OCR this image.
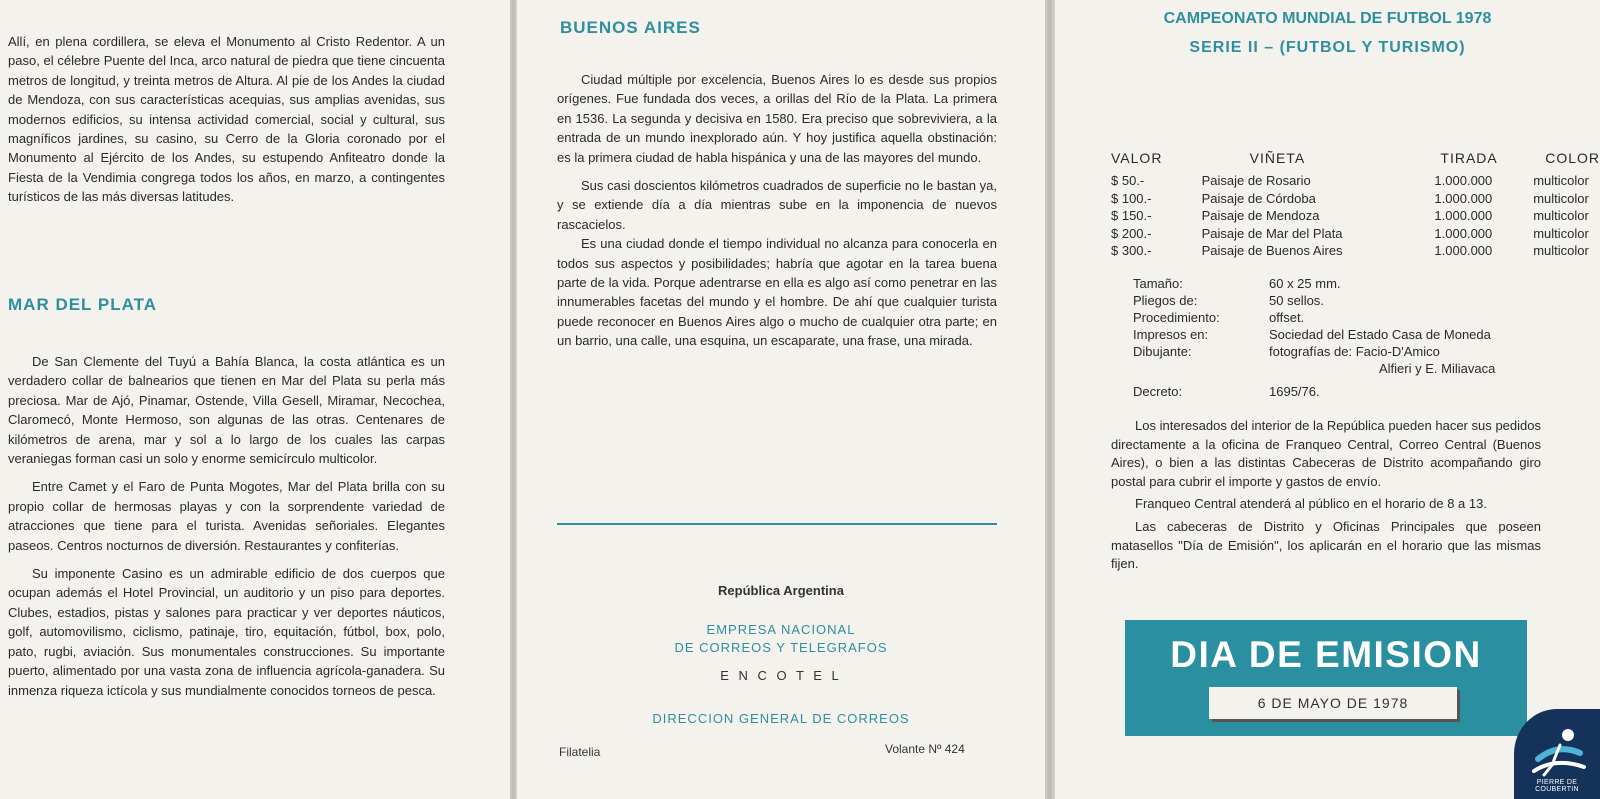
Allí, en plena cordillera, se eleva el Monumento al Cristo Redentor. A un paso, el célebre Puente del Inca, arco natural de piedra que tiene cincuenta metros de longitud, y treinta metros de Altura. Al pie de los Andes la ciudad de Mendoza, con sus características acequias, sus amplias avenidas, sus modernos edificios, su intensa actividad comercial, social y cultural, sus magníficos jardines, su casino, su Cerro de la Gloria coronado por el Monumento al Ejército de los Andes, su estupendo Anfiteatro donde la Fiesta de la Vendimia congrega todos los años, en marzo, a contingentes turísticos de las más diversas latitudes.

MAR DEL PLATA

De San Clemente del Tuyú a Bahía Blanca, la costa atlántica es un verdadero collar de balnearios que tienen en Mar del Plata su perla más preciosa. Mar de Ajó, Pinamar, Ostende, Villa Gesell, Miramar, Necochea, Claromecó, Monte Hermoso, son algunas de las otras. Centenares de kilómetros de arena, mar y sol a lo largo de los cuales las carpas veraniegas forman casi un solo y enorme semicírculo multicolor.

Entre Camet y el Faro de Punta Mogotes, Mar del Plata brilla con su propio collar de hermosas playas y con la sorprendente variedad de atracciones que tiene para el turista. Avenidas señoriales. Elegantes paseos. Centros nocturnos de diversión. Restaurantes y confiterías.

Su imponente Casino es un admirable edificio de dos cuerpos que ocupan además el Hotel Provincial, un auditorio y un piso para deportes. Clubes, estadios, pistas y salones para practicar y ver deportes náuticos, golf, automovilismo, ciclismo, patinaje, tiro, equitación, fútbol, box, polo, pato, rugbi, aviación. Sus monumentales construcciones. Su importante puerto, alimentado por una vasta zona de influencia agrícola-ganadera. Su inmenza riqueza ictícola y sus mundialmente conocidos torneos de pesca.

BUENOS AIRES

Ciudad múltiple por excelencia, Buenos Aires lo es desde sus propios orígenes. Fue fundada dos veces, a orillas del Río de la Plata. La primera en 1536. La segunda y decisiva en 1580. Era preciso que sobreviviera, a la entrada de un mundo inexplorado aún. Y hoy justifica aquella obstinación: es la primera ciudad de habla hispánica y una de las mayores del mundo.

Sus casi doscientos kilómetros cuadrados de superficie no le bastan ya, y se extiende día a día mientras sube en la imponencia de nuevos rascacielos.

Es una ciudad donde el tiempo individual no alcanza para conocerla en todos sus aspectos y posibilidades; habría que agotar en la tarea buena parte de la vida. Porque adentrarse en ella es algo así como penetrar en las innumerables facetas del mundo y el hombre. De ahí que cualquier turista puede reconocer en Buenos Aires algo o mucho de cualquier otra parte; en un barrio, una calle, una esquina, un escaparate, una frase, una mirada.

República Argentina
EMPRESA NACIONAL
DE CORREOS Y TELEGRAFOS
E N C O T E L
DIRECCION GENERAL DE CORREOS
Filatelia	Volante Nº 424
CAMPEONATO MUNDIAL DE FUTBOL 1978
SERIE II – (FUTBOL Y TURISMO)
VALOR	VIÑETA	TIRADA	COLOR
$ 50.-	Paisaje de Rosario	1.000.000	multicolor
$ 100.-	Paisaje de Córdoba	1.000.000	multicolor
$ 150.-	Paisaje de Mendoza	1.000.000	multicolor
$ 200.-	Paisaje de Mar del Plata	1.000.000	multicolor
$ 300.-	Paisaje de Buenos Aires	1.000.000	multicolor
Tamaño:	60 x 25 mm.
Pliegos de:	50 sellos.
Procedimiento:	offset.
Impresos en:	Sociedad del Estado Casa de Moneda
Dibujante:	fotografías de: Facio-D'Amico
Alfieri y E. Miliavaca

Decreto:	1695/76.

Los interesados del interior de la República pueden hacer sus pedidos directamente a la oficina de Franqueo Central, Correo Central (Buenos Aires), o bien a las distintas Cabeceras de Distrito acompañando giro postal para cubrir el importe y gastos de envío.

Franqueo Central atenderá al público en el horario de 8 a 13.

Las cabeceras de Distrito y Oficinas Principales que poseen matasellos "Día de Emisión", los aplicarán en el horario que las mismas fijen.

DIA DE EMISION
6 DE MAYO DE 1978
PIERRE DE COUBERTIN
